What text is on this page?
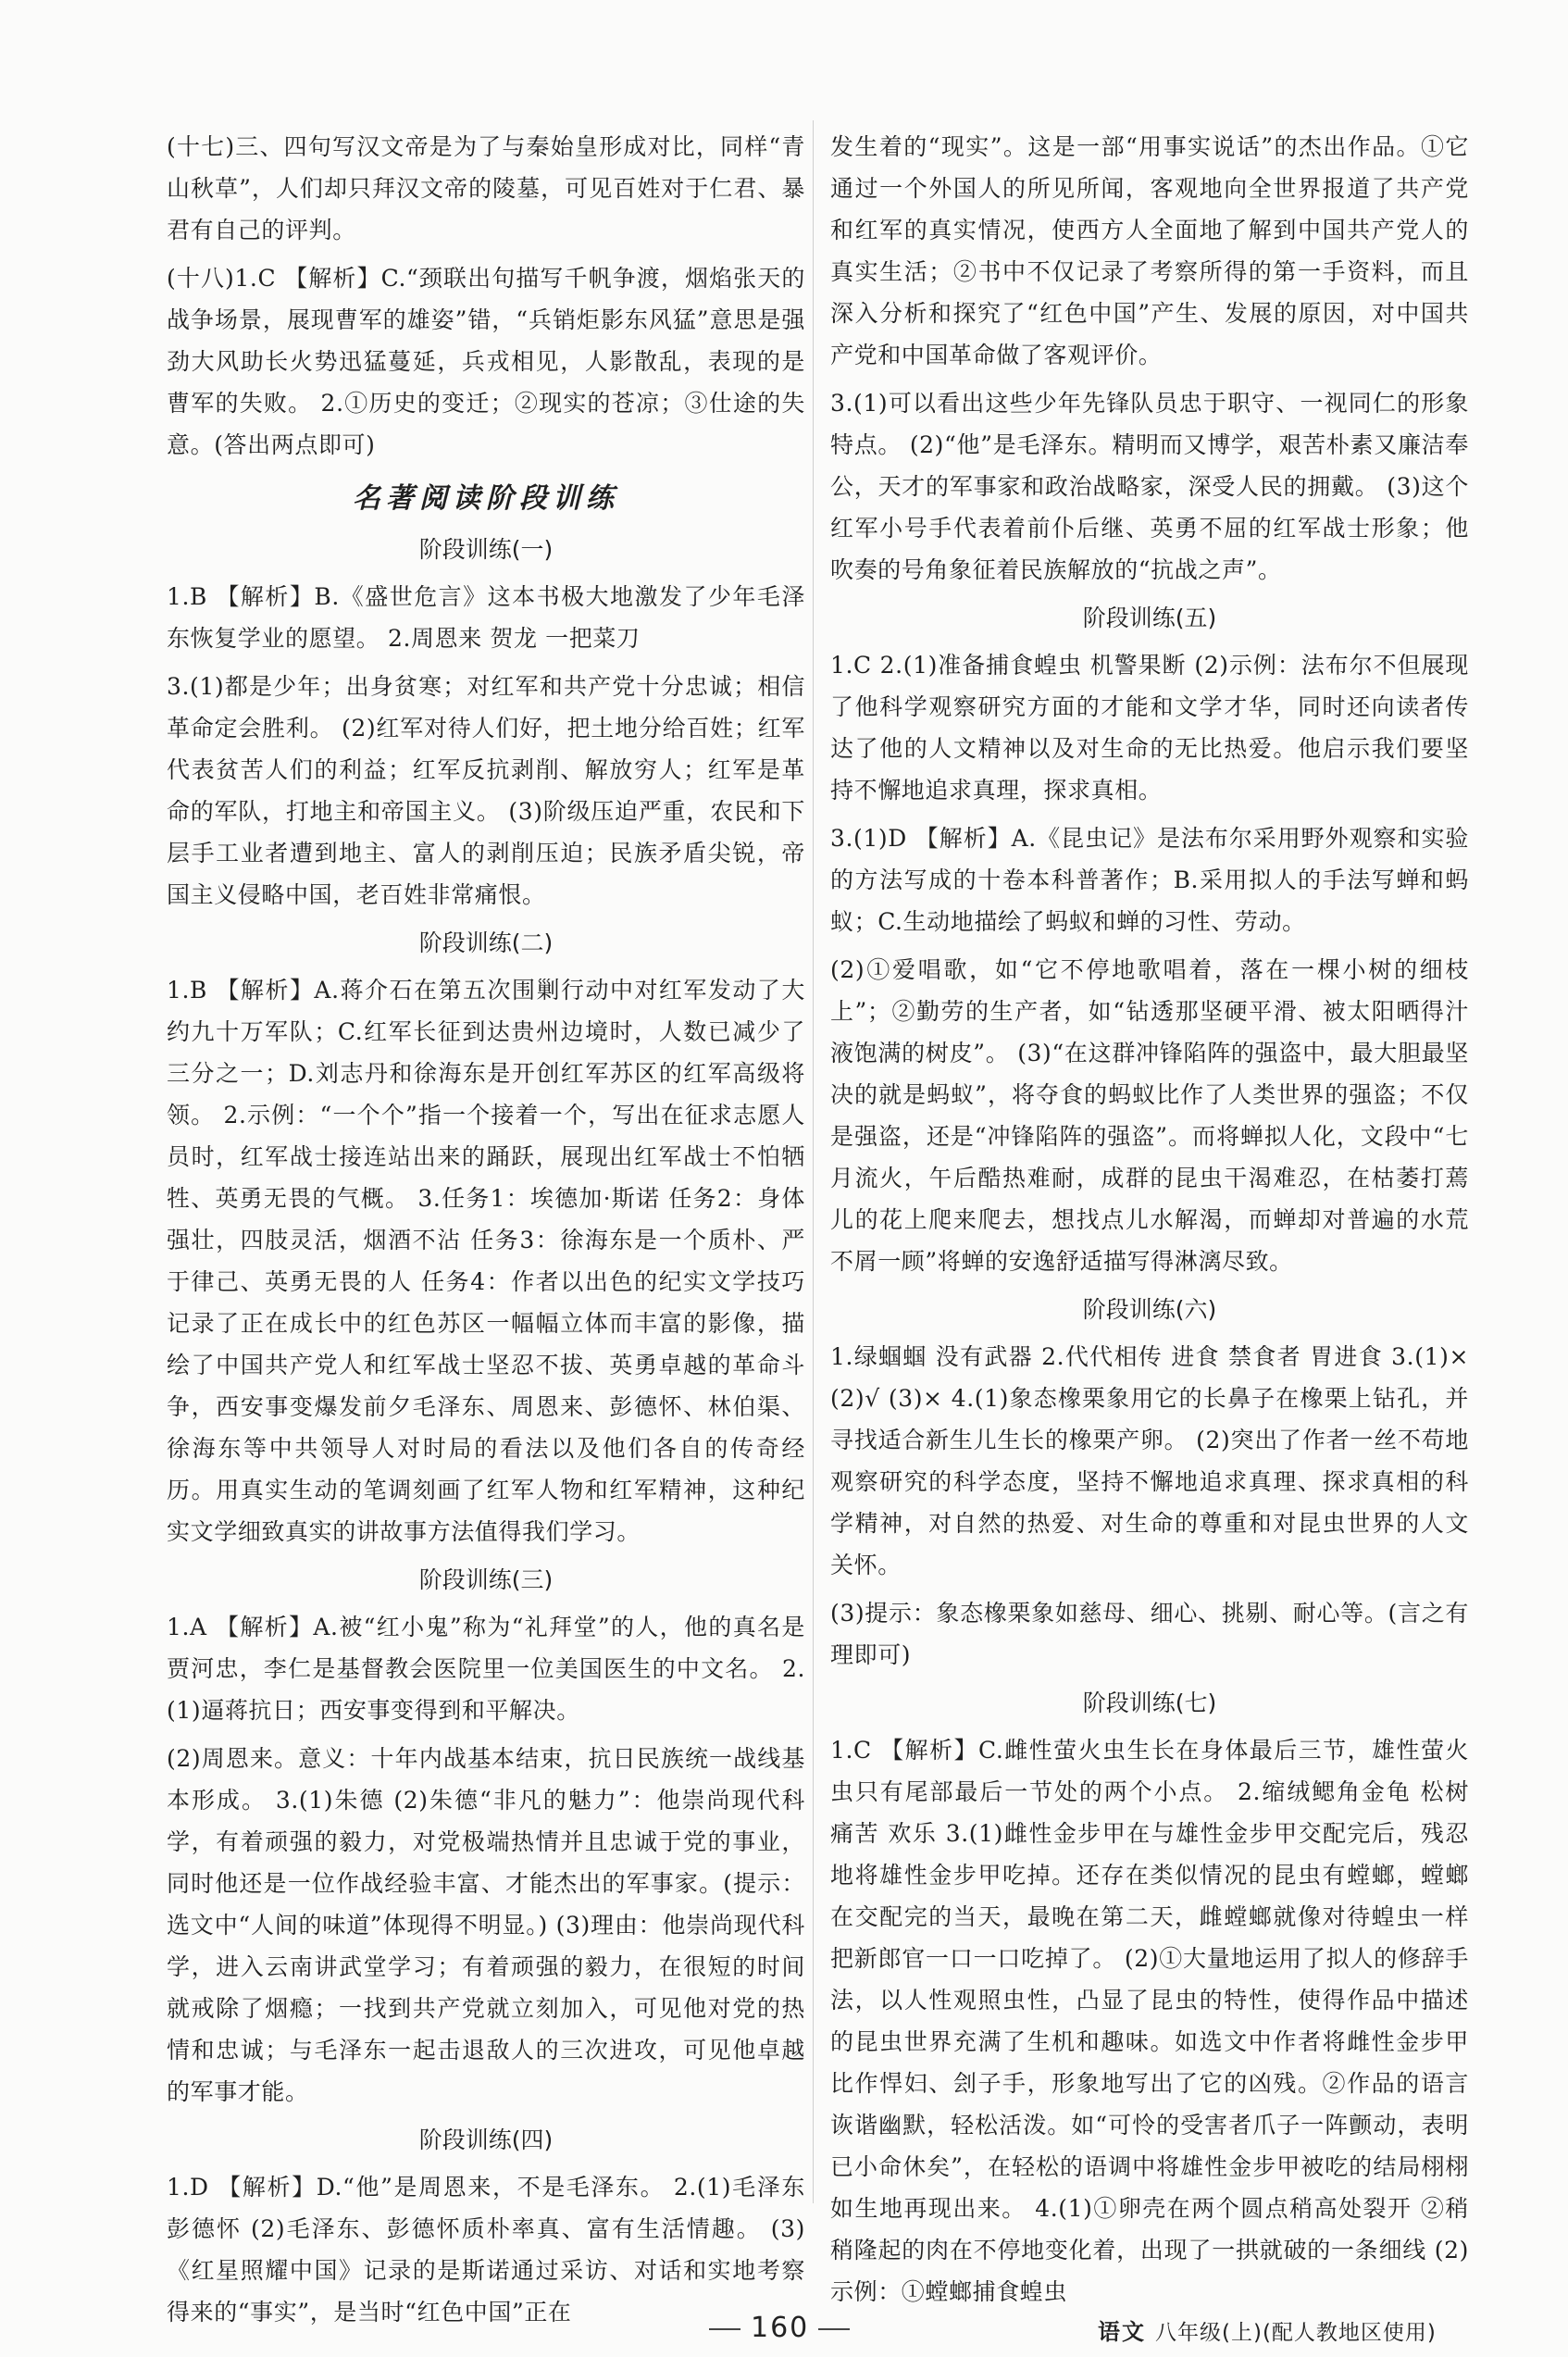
(十七)三、四句写汉文帝是为了与秦始皇形成对比，同样“青山秋草”，人们却只拜汉文帝的陵墓，可见百姓对于仁君、暴君有自己的评判。

(十八)1.C 【解析】C.“颈联出句描写千帆争渡，烟焰张天的战争场景，展现曹军的雄姿”错，“兵销炬影东风猛”意思是强劲大风助长火势迅猛蔓延，兵戎相见，人影散乱，表现的是曹军的失败。 2.①历史的变迁；②现实的苍凉；③仕途的失意。(答出两点即可)

名著阅读阶段训练
阶段训练(一)

1.B 【解析】B.《盛世危言》这本书极大地激发了少年毛泽东恢复学业的愿望。 2.周恩来 贺龙 一把菜刀

3.(1)都是少年；出身贫寒；对红军和共产党十分忠诚；相信革命定会胜利。 (2)红军对待人们好，把土地分给百姓；红军代表贫苦人们的利益；红军反抗剥削、解放穷人；红军是革命的军队，打地主和帝国主义。 (3)阶级压迫严重，农民和下层手工业者遭到地主、富人的剥削压迫；民族矛盾尖锐，帝国主义侵略中国，老百姓非常痛恨。

阶段训练(二)

1.B 【解析】A.蒋介石在第五次围剿行动中对红军发动了大约九十万军队；C.红军长征到达贵州边境时，人数已减少了三分之一；D.刘志丹和徐海东是开创红军苏区的红军高级将领。 2.示例：“一个个”指一个接着一个，写出在征求志愿人员时，红军战士接连站出来的踊跃，展现出红军战士不怕牺牲、英勇无畏的气概。 3.任务1：埃德加·斯诺 任务2：身体强壮，四肢灵活，烟酒不沾 任务3：徐海东是一个质朴、严于律己、英勇无畏的人 任务4：作者以出色的纪实文学技巧记录了正在成长中的红色苏区一幅幅立体而丰富的影像，描绘了中国共产党人和红军战士坚忍不拔、英勇卓越的革命斗争，西安事变爆发前夕毛泽东、周恩来、彭德怀、林伯渠、徐海东等中共领导人对时局的看法以及他们各自的传奇经历。用真实生动的笔调刻画了红军人物和红军精神，这种纪实文学细致真实的讲故事方法值得我们学习。

阶段训练(三)

1.A 【解析】A.被“红小鬼”称为“礼拜堂”的人，他的真名是贾河忠，李仁是基督教会医院里一位美国医生的中文名。 2.(1)逼蒋抗日；西安事变得到和平解决。

(2)周恩来。意义：十年内战基本结束，抗日民族统一战线基本形成。 3.(1)朱德 (2)朱德“非凡的魅力”：他崇尚现代科学，有着顽强的毅力，对党极端热情并且忠诚于党的事业，同时他还是一位作战经验丰富、才能杰出的军事家。(提示：选文中“人间的味道”体现得不明显。) (3)理由：他崇尚现代科学，进入云南讲武堂学习；有着顽强的毅力，在很短的时间就戒除了烟瘾；一找到共产党就立刻加入，可见他对党的热情和忠诚；与毛泽东一起击退敌人的三次进攻，可见他卓越的军事才能。

阶段训练(四)

1.D 【解析】D.“他”是周恩来，不是毛泽东。 2.(1)毛泽东 彭德怀 (2)毛泽东、彭德怀质朴率真、富有生活情趣。 (3)《红星照耀中国》记录的是斯诺通过采访、对话和实地考察得来的“事实”，是当时“红色中国”正在

发生着的“现实”。这是一部“用事实说话”的杰出作品。①它通过一个外国人的所见所闻，客观地向全世界报道了共产党和红军的真实情况，使西方人全面地了解到中国共产党人的真实生活；②书中不仅记录了考察所得的第一手资料，而且深入分析和探究了“红色中国”产生、发展的原因，对中国共产党和中国革命做了客观评价。

3.(1)可以看出这些少年先锋队员忠于职守、一视同仁的形象特点。 (2)“他”是毛泽东。精明而又博学，艰苦朴素又廉洁奉公，天才的军事家和政治战略家，深受人民的拥戴。 (3)这个红军小号手代表着前仆后继、英勇不屈的红军战士形象；他吹奏的号角象征着民族解放的“抗战之声”。

阶段训练(五)

1.C 2.(1)准备捕食蝗虫 机警果断 (2)示例：法布尔不但展现了他科学观察研究方面的才能和文学才华，同时还向读者传达了他的人文精神以及对生命的无比热爱。他启示我们要坚持不懈地追求真理，探求真相。

3.(1)D 【解析】A.《昆虫记》是法布尔采用野外观察和实验的方法写成的十卷本科普著作；B.采用拟人的手法写蝉和蚂蚁；C.生动地描绘了蚂蚁和蝉的习性、劳动。

(2)①爱唱歌，如“它不停地歌唱着，落在一棵小树的细枝上”；②勤劳的生产者，如“钻透那坚硬平滑、被太阳晒得汁液饱满的树皮”。 (3)“在这群冲锋陷阵的强盗中，最大胆最坚决的就是蚂蚁”，将夺食的蚂蚁比作了人类世界的强盗；不仅是强盗，还是“冲锋陷阵的强盗”。而将蝉拟人化，文段中“七月流火，午后酷热难耐，成群的昆虫干渴难忍，在枯萎打蔫儿的花上爬来爬去，想找点儿水解渴，而蝉却对普遍的水荒不屑一顾”将蝉的安逸舒适描写得淋漓尽致。

阶段训练(六)

1.绿蝈蝈 没有武器 2.代代相传 进食 禁食者 胃进食 3.(1)× (2)√ (3)× 4.(1)象态橡栗象用它的长鼻子在橡栗上钻孔，并寻找适合新生儿生长的橡栗产卵。 (2)突出了作者一丝不苟地观察研究的科学态度，坚持不懈地追求真理、探求真相的科学精神，对自然的热爱、对生命的尊重和对昆虫世界的人文关怀。

(3)提示：象态橡栗象如慈母、细心、挑剔、耐心等。(言之有理即可)

阶段训练(七)

1.C 【解析】C.雌性萤火虫生长在身体最后三节，雄性萤火虫只有尾部最后一节处的两个小点。 2.缩绒鳃角金龟 松树 痛苦 欢乐 3.(1)雌性金步甲在与雄性金步甲交配完后，残忍地将雄性金步甲吃掉。还存在类似情况的昆虫有螳螂，螳螂在交配完的当天，最晚在第二天，雌螳螂就像对待蝗虫一样把新郎官一口一口吃掉了。 (2)①大量地运用了拟人的修辞手法，以人性观照虫性，凸显了昆虫的特性，使得作品中描述的昆虫世界充满了生机和趣味。如选文中作者将雌性金步甲比作悍妇、刽子手，形象地写出了它的凶残。②作品的语言诙谐幽默，轻松活泼。如“可怜的受害者爪子一阵颤动，表明已小命休矣”，在轻松的语调中将雄性金步甲被吃的结局栩栩如生地再现出来。 4.(1)①卵壳在两个圆点稍高处裂开 ②稍稍隆起的肉在不停地变化着，出现了一拱就破的一条细线 (2)示例：①螳螂捕食蝗虫

160	语文 八年级(上)(配人教地区使用)
